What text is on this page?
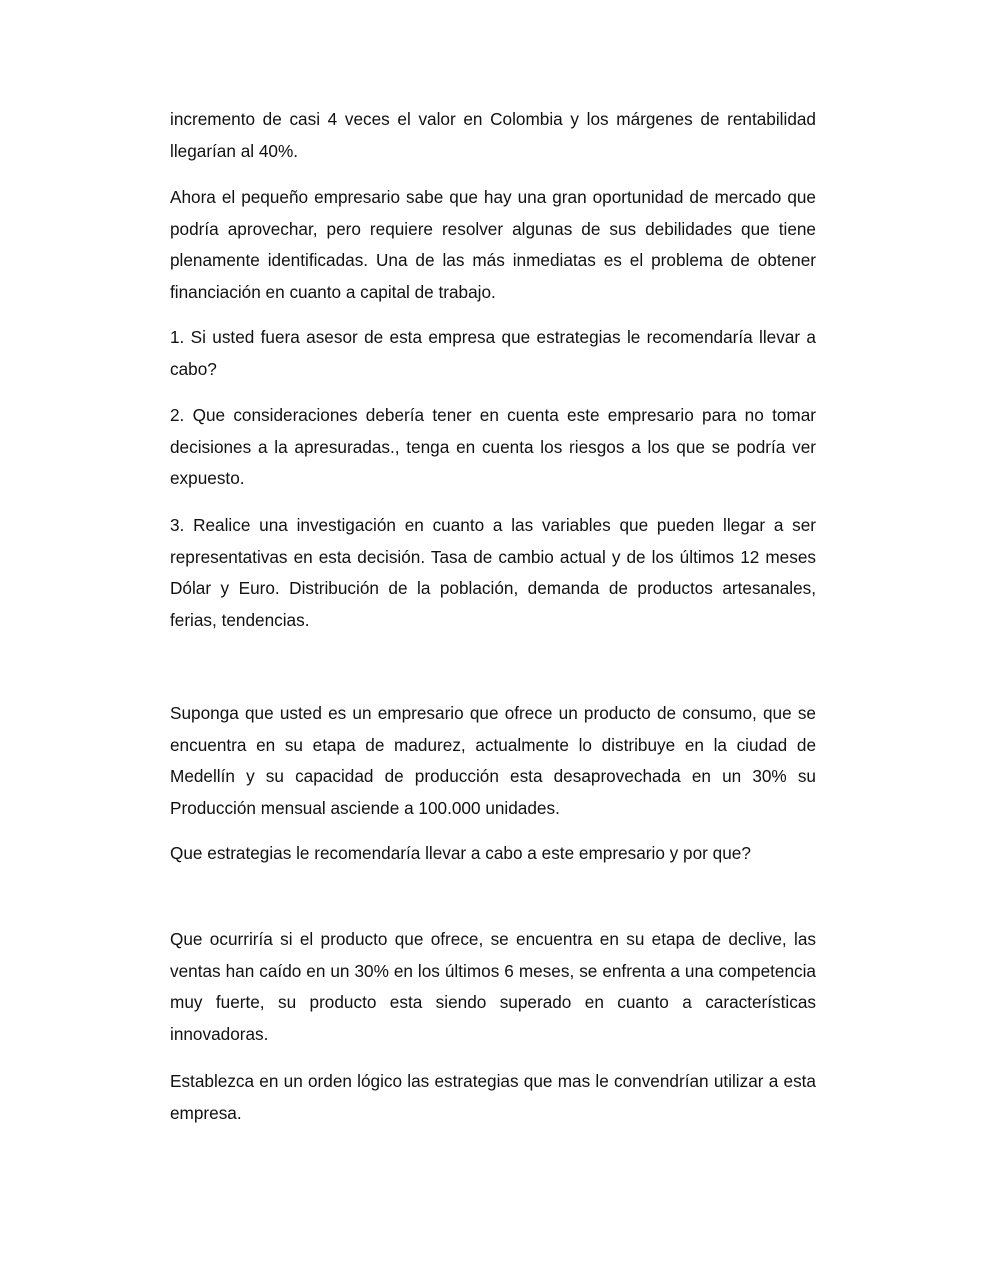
incremento de casi 4 veces el valor en Colombia y los márgenes de rentabilidad llegarían al 40%.

Ahora el pequeño empresario sabe que hay una gran oportunidad de mercado que podría aprovechar, pero requiere resolver algunas de sus debilidades que tiene plenamente identificadas. Una de las más inmediatas es el problema de obtener financiación en cuanto a capital de trabajo.

1. Si usted fuera asesor de esta empresa que estrategias le recomendaría llevar a cabo?

2. Que consideraciones debería tener en cuenta este empresario para no tomar decisiones a la apresuradas., tenga en cuenta los riesgos a los que se podría ver expuesto.

3. Realice una investigación en cuanto a las variables que pueden llegar a ser representativas en esta decisión. Tasa de cambio actual y de los últimos 12 meses Dólar y Euro. Distribución de la población, demanda de productos artesanales, ferias, tendencias.

Suponga que usted es un empresario que ofrece un producto de consumo, que se encuentra en su etapa de madurez, actualmente lo distribuye en la ciudad de Medellín y su capacidad de producción esta desaprovechada en un 30% su Producción mensual asciende a 100.000 unidades.

Que estrategias le recomendaría llevar a cabo a este empresario y por que?

Que ocurriría si el producto que ofrece, se encuentra en su etapa de declive, las ventas han caído en un 30% en los últimos 6 meses, se enfrenta a una competencia muy fuerte, su producto esta siendo superado en cuanto a características innovadoras.

Establezca en un orden lógico las estrategias que mas le convendrían utilizar a esta empresa.
